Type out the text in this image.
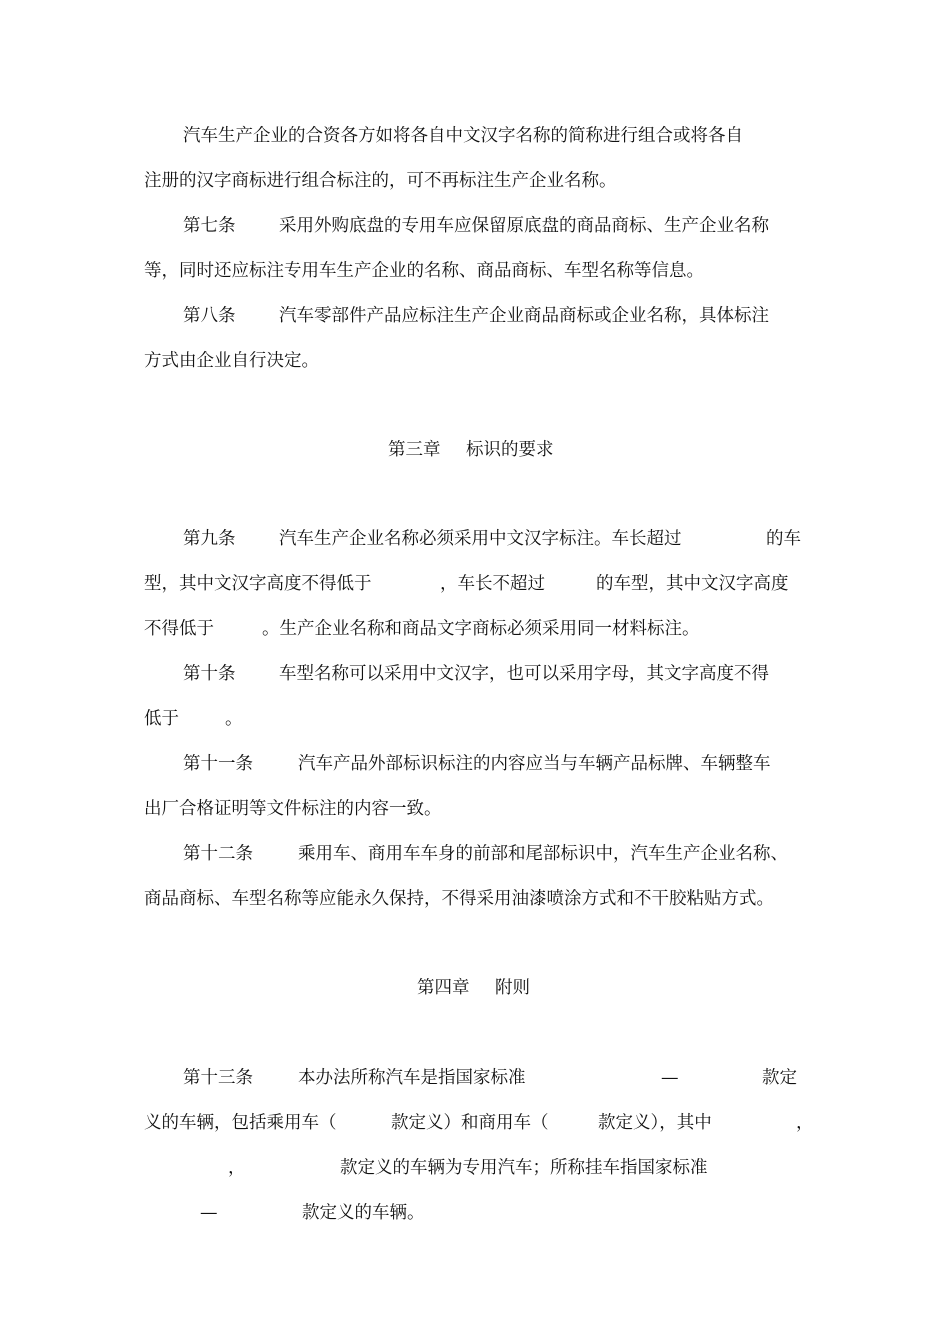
汽车生产企业的合资各方如将各自中文汉字名称的简称进行组合或将各自
注册的汉字商标进行组合标注的，可不再标注生产企业名称。
第七条 采用外购底盘的专用车应保留原底盘的商品商标、生产企业名称
等，同时还应标注专用车生产企业的名称、商品商标、车型名称等信息。
第八条 汽车零部件产品应标注生产企业商品商标或企业名称，具体标注
方式由企业自行决定。
第三章 标识的要求
第九条 汽车生产企业名称必须采用中文汉字标注。车长超过	的车
型，其中文汉字高度不得低于	，车长不超过	的车型，其中文汉字高度
不得低于	。生产企业名称和商品文字商标必须采用同一材料标注。
第十条 车型名称可以采用中文汉字，也可以采用字母，其文字高度不得
低于	。
第十一条	汽车产品外部标识标注的内容应当与车辆产品标牌、车辆整车
出厂合格证明等文件标注的内容一致。
第十二条	乘用车、商用车车身的前部和尾部标识中，汽车生产企业名称、
商品商标、车型名称等应能永久保持，不得采用油漆喷涂方式和不干胶粘贴方式。
第四章 附则
第十三条	本办法所称汽车是指国家标准	—	款定
义的车辆，包括乘用车（	款定义）和商用车（	款定义），其中	，
，	款定义的车辆为专用汽车；所称挂车指国家标准
—	款定义的车辆。
